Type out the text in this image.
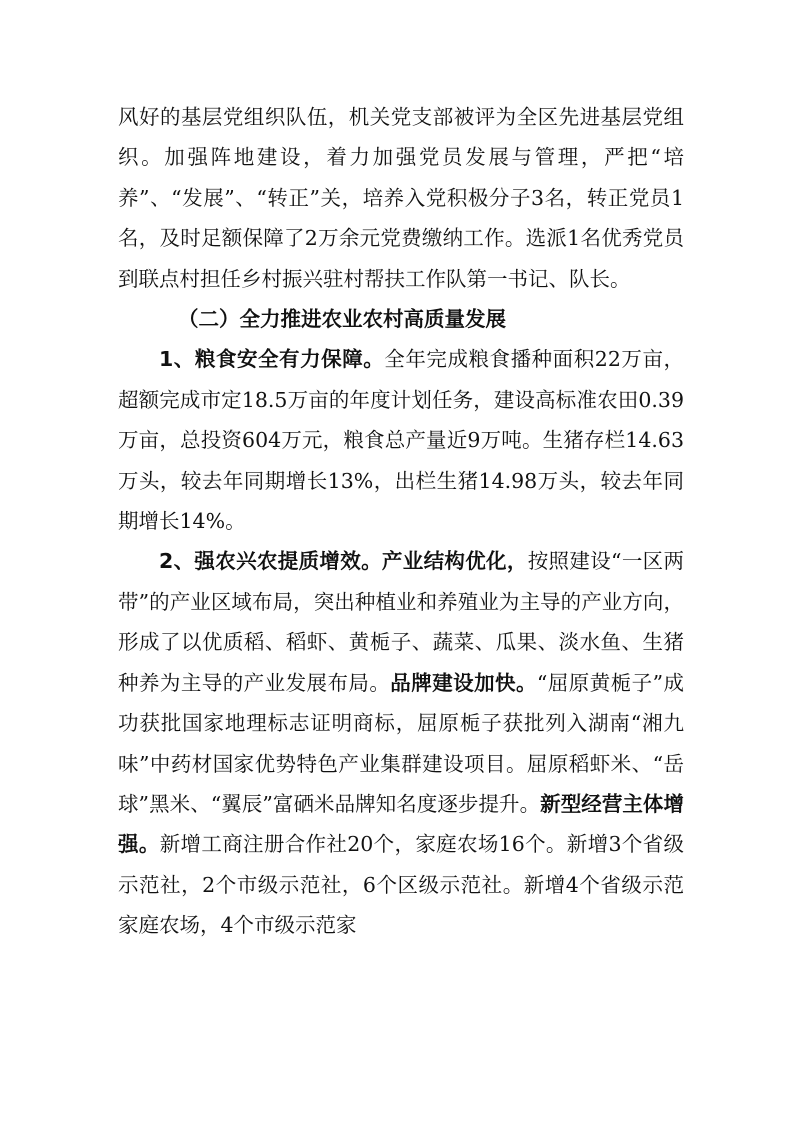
风好的基层党组织队伍，机关党支部被评为全区先进基层党组织。加强阵地建设，着力加强党员发展与管理，严把“培养”、“发展”、“转正”关，培养入党积极分子3名，转正党员1名，及时足额保障了2万余元党费缴纳工作。选派1名优秀党员到联点村担任乡村振兴驻村帮扶工作队第一书记、队长。

（二）全力推进农业农村高质量发展

1、粮食安全有力保障。全年完成粮食播种面积22万亩，超额完成市定18.5万亩的年度计划任务，建设高标准农田0.39万亩，总投资604万元，粮食总产量近9万吨。生猪存栏14.63万头，较去年同期增长13%，出栏生猪14.98万头，较去年同期增长14%。

2、强农兴农提质增效。产业结构优化，按照建设“一区两带”的产业区域布局，突出种植业和养殖业为主导的产业方向，形成了以优质稻、稻虾、黄栀子、蔬菜、瓜果、淡水鱼、生猪种养为主导的产业发展布局。品牌建设加快。“屈原黄栀子”成功获批国家地理标志证明商标，屈原栀子获批列入湖南“湘九味”中药材国家优势特色产业集群建设项目。屈原稻虾米、“岳球”黑米、“翼辰”富硒米品牌知名度逐步提升。新型经营主体增强。新增工商注册合作社20个，家庭农场16个。新增3个省级示范社，2个市级示范社，6个区级示范社。新增4个省级示范家庭农场，4个市级示范家
